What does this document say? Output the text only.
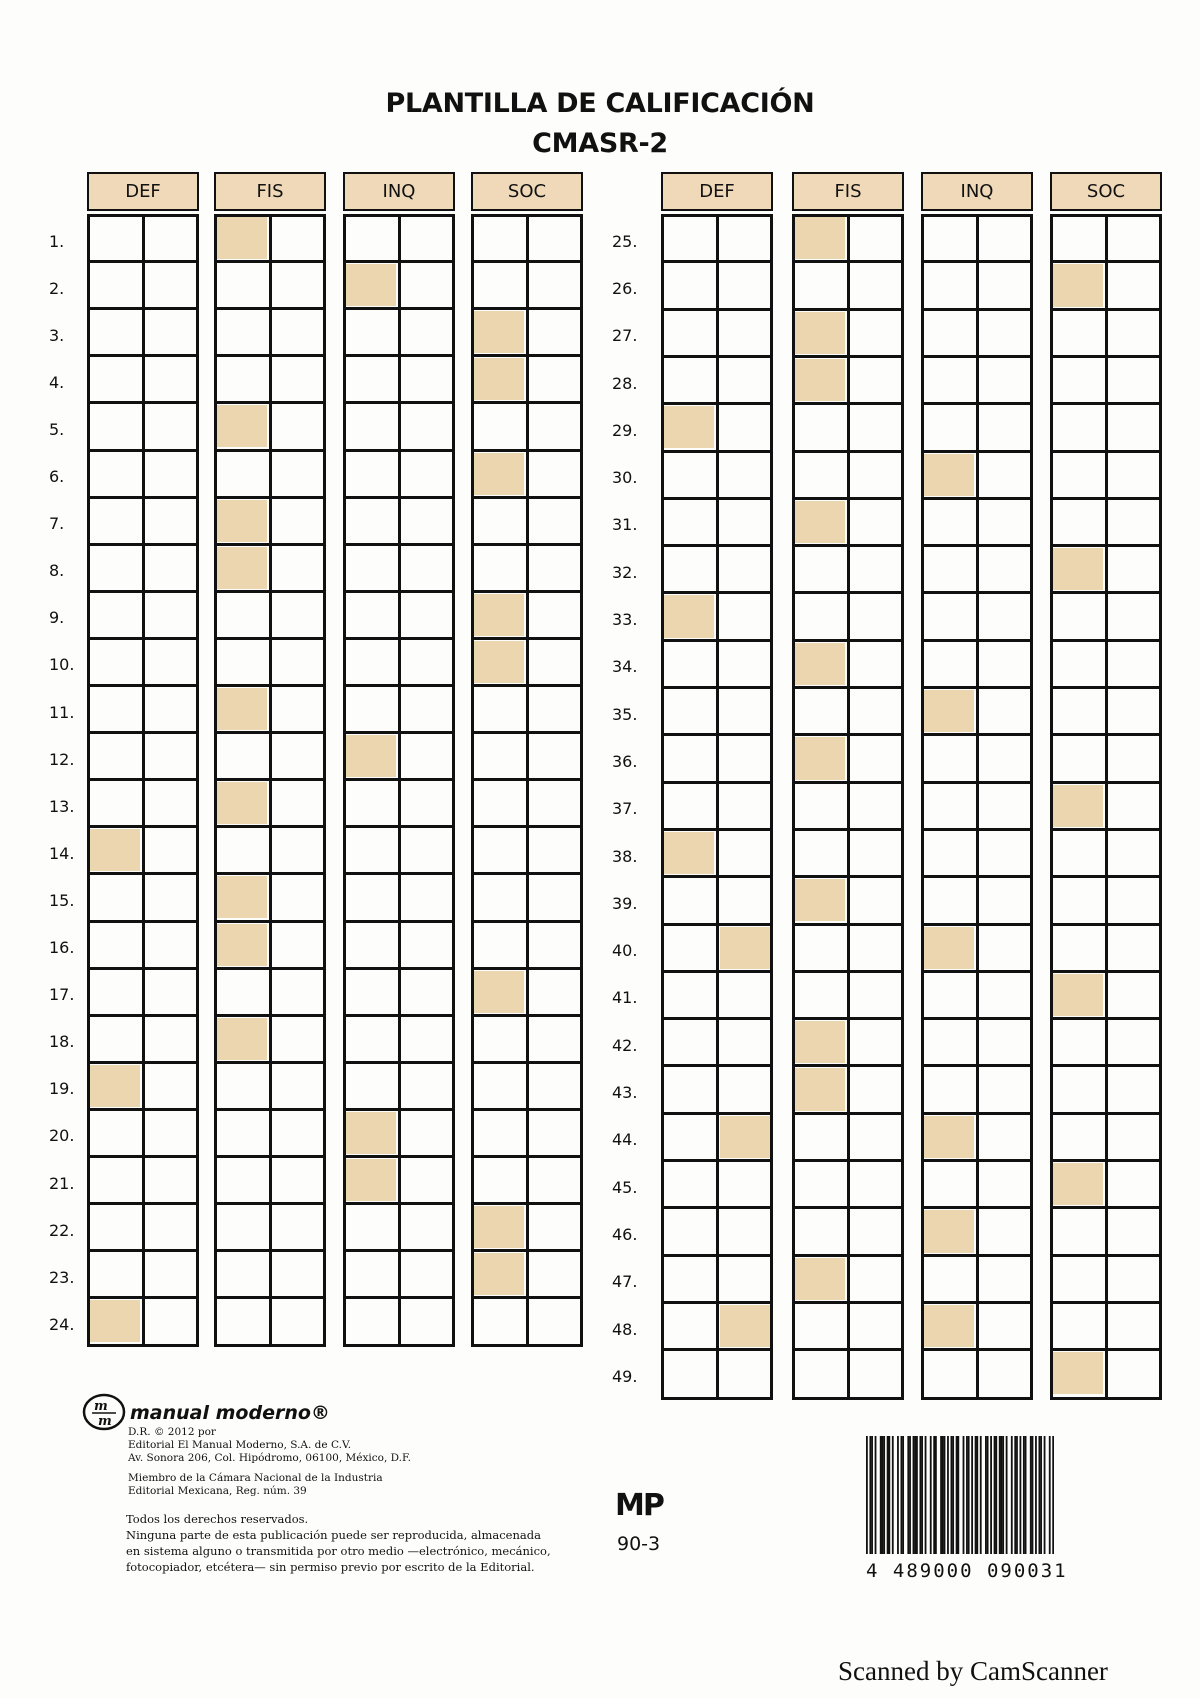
PLANTILLA DE CALIFICACIÓN
CMASR-2
DEF	FIS	INQ	SOC
1.
2.
3.
4.
5.
6.
7.
8.
9.
10.
11.
12.
13.
14.
15.
16.
17.
18.
19.
20.
21.
22.
23.
24.
DEF	FIS	INQ	SOC
25.
26.
27.
28.
29.
30.
31.
32.
33.
34.
35.
36.
37.
38.
39.
40.
41.
42.
43.
44.
45.
46.
47.
48.
49.
m
m manual moderno®
D.R. © 2012 por
Editorial El Manual Moderno, S.A. de C.V.
Av. Sonora 206, Col. Hipódromo, 06100, México, D.F.
Miembro de la Cámara Nacional de la Industria
Editorial Mexicana, Reg. núm. 39
Todos los derechos reservados.
Ninguna parte de esta publicación puede ser reproducida, almacenada
en sistema alguno o transmitida por otro medio —electrónico, mecánico,
fotocopiador, etcétera— sin permiso previo por escrito de la Editorial.
MP
90-3
4 489000 090031
Scanned by CamScanner
